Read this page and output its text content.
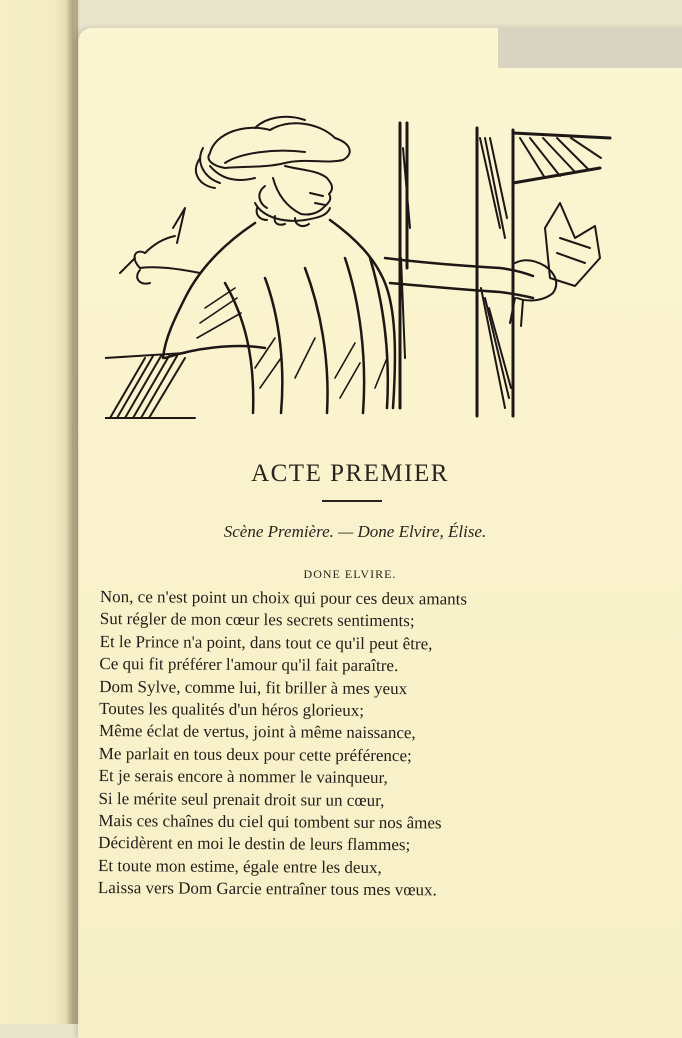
ACTE PREMIER
Scène Première. — Done Elvire, Élise.
DONE ELVIRE.
Non, ce n'est point un choix qui pour ces deux amants
Sut régler de mon cœur les secrets sentiments;
Et le Prince n'a point, dans tout ce qu'il peut être,
Ce qui fit préférer l'amour qu'il fait paraître.
Dom Sylve, comme lui, fit briller à mes yeux
Toutes les qualités d'un héros glorieux;
Même éclat de vertus, joint à même naissance,
Me parlait en tous deux pour cette préférence;
Et je serais encore à nommer le vainqueur,
Si le mérite seul prenait droit sur un cœur,
Mais ces chaînes du ciel qui tombent sur nos âmes
Décidèrent en moi le destin de leurs flammes;
Et toute mon estime, égale entre les deux,
Laissa vers Dom Garcie entraîner tous mes vœux.
